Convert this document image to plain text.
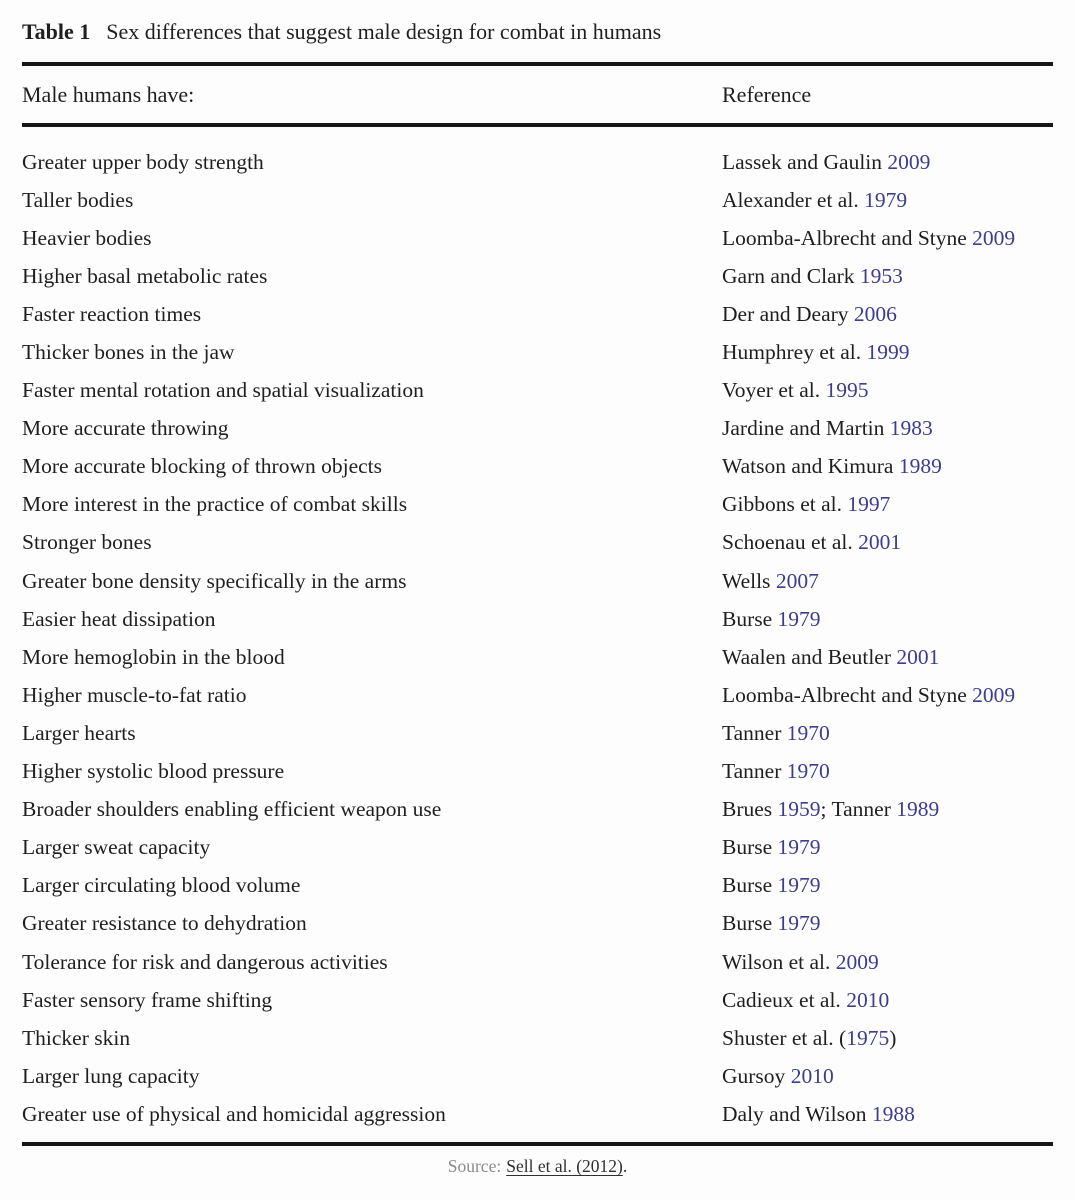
Table 1 Sex differences that suggest male design for combat in humans
Male humans have:	Reference
Greater upper body strength	Lassek and Gaulin 2009
Taller bodies	Alexander et al. 1979
Heavier bodies	Loomba-Albrecht and Styne 2009
Higher basal metabolic rates	Garn and Clark 1953
Faster reaction times	Der and Deary 2006
Thicker bones in the jaw	Humphrey et al. 1999
Faster mental rotation and spatial visualization	Voyer et al. 1995
More accurate throwing	Jardine and Martin 1983
More accurate blocking of thrown objects	Watson and Kimura 1989
More interest in the practice of combat skills	Gibbons et al. 1997
Stronger bones	Schoenau et al. 2001
Greater bone density specifically in the arms	Wells 2007
Easier heat dissipation	Burse 1979
More hemoglobin in the blood	Waalen and Beutler 2001
Higher muscle-to-fat ratio	Loomba-Albrecht and Styne 2009
Larger hearts	Tanner 1970
Higher systolic blood pressure	Tanner 1970
Broader shoulders enabling efficient weapon use	Brues 1959; Tanner 1989
Larger sweat capacity	Burse 1979
Larger circulating blood volume	Burse 1979
Greater resistance to dehydration	Burse 1979
Tolerance for risk and dangerous activities	Wilson et al. 2009
Faster sensory frame shifting	Cadieux et al. 2010
Thicker skin	Shuster et al. (1975)
Larger lung capacity	Gursoy 2010
Greater use of physical and homicidal aggression	Daly and Wilson 1988
Source: Sell et al. (2012).
